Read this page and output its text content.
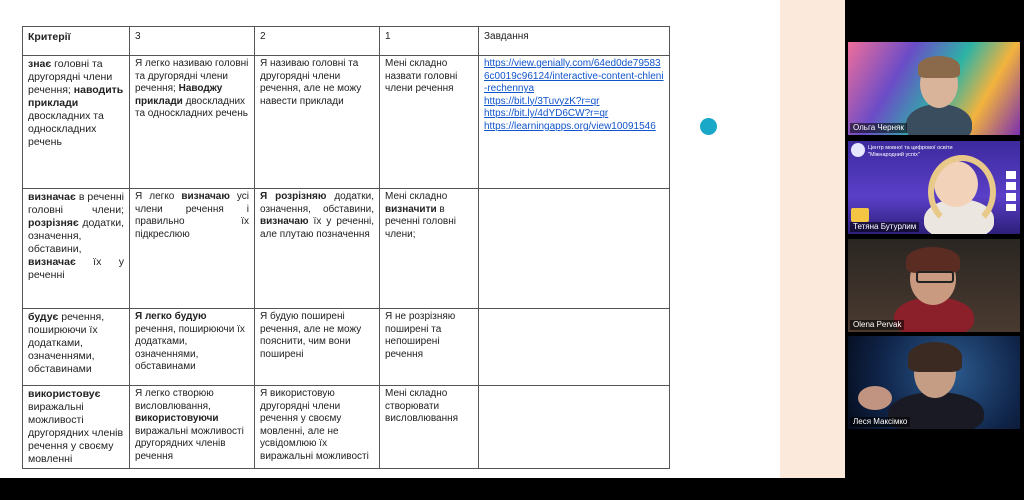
Критерії	3	2	1	Завдання
знає головні та другорядні члени речення; наводить приклади двоскладних та односкладних речень	Я легко називаю головні та другорядні члени речення; Наводжу приклади двоскладних та односкладних речень	Я називаю головні та другорядні члени речення, але не можу навести приклади	Мені складно назвати головні члени речення	https://view.genially.com/64ed0de795836c0019c96124/interactive-content-chleni-rechennya
https://bit.ly/3TuvyzK?r=qr
https://bit.ly/4dYD6CW?r=qr
https://learningapps.org/view10091546

визначає в реченні головні члени; розрізняє додатки, означення, обставини, визначає їх у реченні	Я легко визначаю усі члени речення і правильно їх підкреслюю	Я розрізняю додатки, означення, обставини, визначаю їх у реченні, але плутаю позначення	Мені складно визначити в реченні головні члени;	
будує речення, поширюючи їх додатками, означеннями, обставинами	Я легко будую речення, поширюючи їх додатками, означеннями, обставинами	Я будую поширені речення, але не можу пояснити, чим вони поширені	Я не розрізняю поширені та непоширені речення	
використовує виражальні можливості другорядних членів речення у своєму мовленні	Я легко створюю висловлювання, використовуючи виражальні можливості другорядних членів речення	Я використовую другорядні члени речення у своєму мовленні, але не усвідомлюю їх виражальні можливості	Мені складно створювати висловлювання	
Ольга Черняк
Центр мовної та цифрової освіти "Міжнародний успіх"
Тетяна Бутурлим
Olena Pervak
Леся Максімко
